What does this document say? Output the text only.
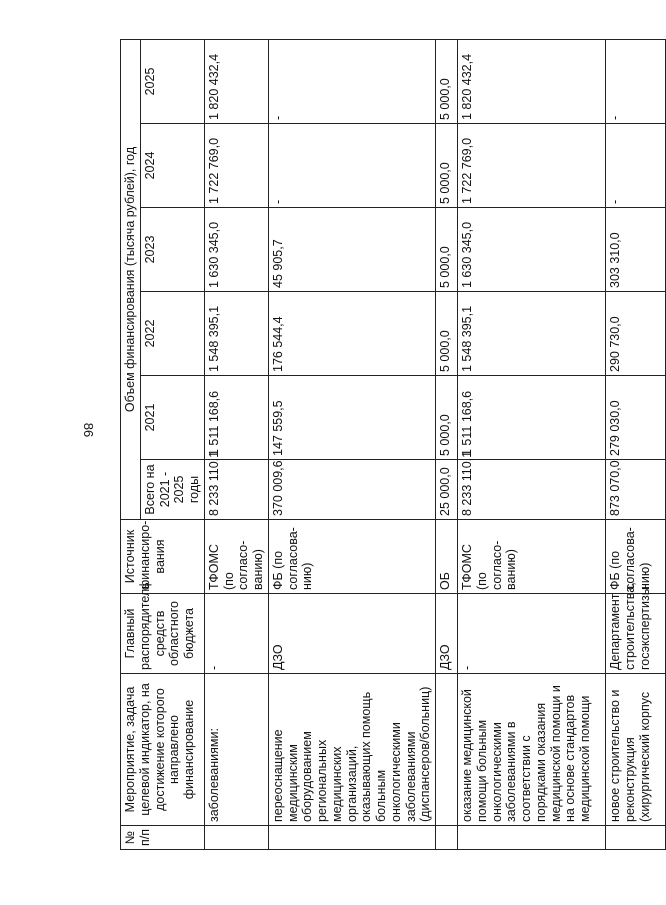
86
№ п/п	Мероприятие, задача целевой индикатор, на достижение которого направлено финансирование	Главный распорядитель средств областного бюджета	Источник финансиро-вания	Объем финансирования (тысяча рублей), год					
				Всего на 2021 - 2025 годы	2021	2022	2023	2024	2025
	заболеваниями:	-	ТФОМС (по согласо-ванию)	8 233 110,1	1 511 168,6	1 548 395,1	1 630 345,0	1 722 769,0	1 820 432,4
	переоснащение медицинским оборудованием региональных медицинских организаций, оказывающих помощь больным онкологическими заболеваниями (диспансеров/больниц)	ДЗО	ФБ (по согласова-нию)	370 009,6	147 559,5	176 544,4	45 905,7	-	-
		ДЗО	ОБ	25 000,0	5 000,0	5 000,0	5 000,0	5 000,0	5 000,0
	оказание медицинской помощи больным онкологическими заболеваниями в соответствии с порядками оказания медицинской помощи и на основе стандартов медицинской помощи	-	ТФОМС (по согласо-ванию)	8 233 110,1	1 511 168,6	1 548 395,1	1 630 345,0	1 722 769,0	1 820 432,4
	новое строительство и реконструкция (хирургический корпус	Департамент строительства, госэкспертизы	ФБ (по согласова-нию)	873 070,0	279 030,0	290 730,0	303 310,0	-	-
